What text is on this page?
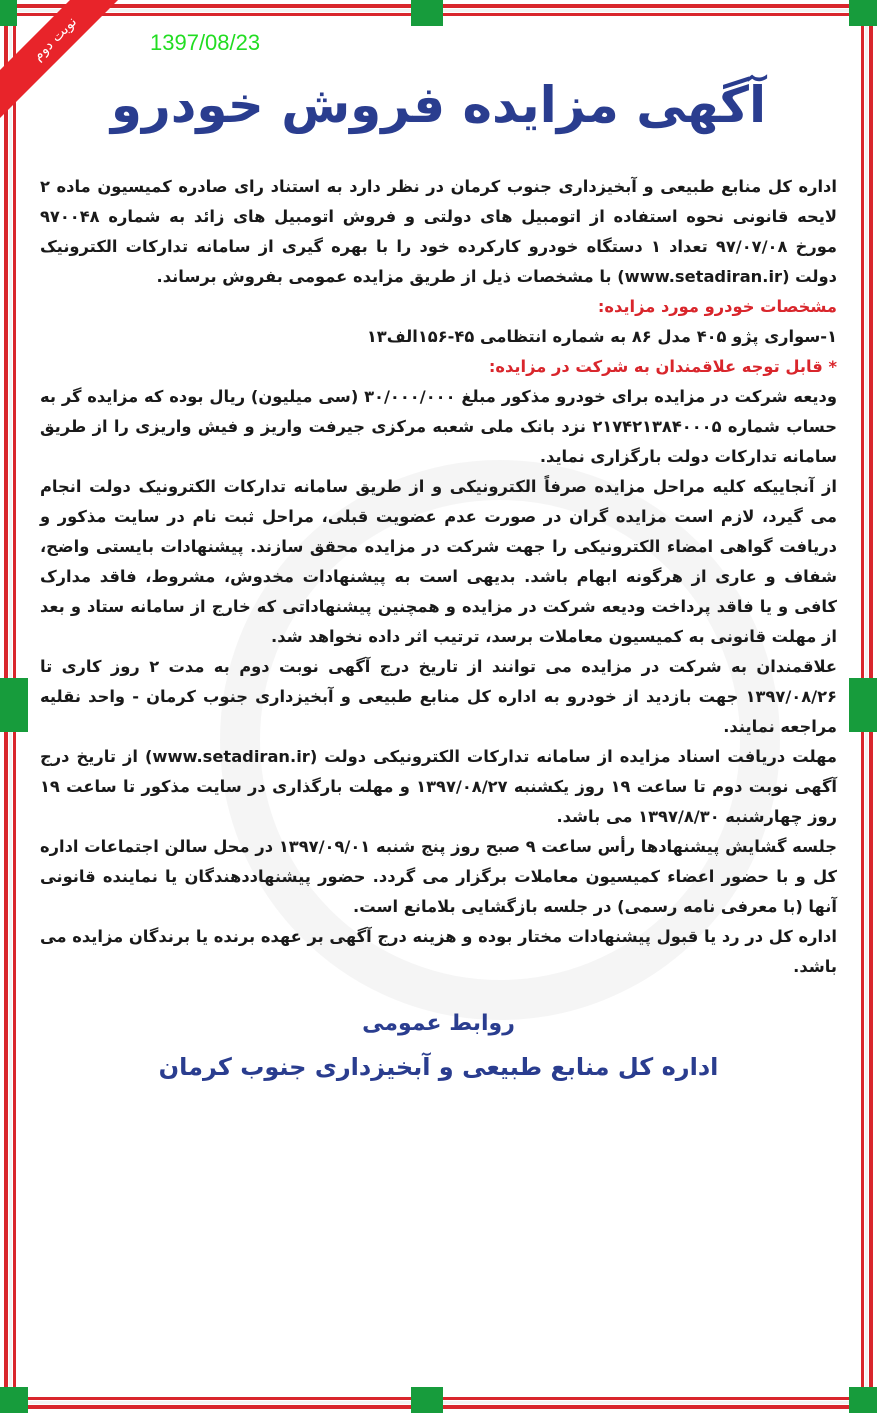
نوبت دوم	1397/08/23
آگهی مزایده فروش خودرو

اداره کل منابع طبیعی و آبخیزداری جنوب کرمان در نظر دارد به استناد رای صادره کمیسیون ماده ۲ لایحه قانونی نحوه استفاده از اتومبیل های دولتی و فروش اتومبیل های زائد به شماره ۹۷۰۰۴۸ مورخ ۹۷/۰۷/۰۸ تعداد ۱ دستگاه خودرو کارکرده خود را با بهره گیری از سامانه تدارکات الکترونیک دولت (www.setadiran.ir) با مشخصات ذیل از طریق مزایده عمومی بفروش برساند.

مشخصات خودرو مورد مزایده:

۱-سواری پژو ۴۰۵ مدل ۸۶ به شماره انتظامی ۴۵-۱۵۶الف۱۳

* قابل توجه علاقمندان به شرکت در مزایده:

ودیعه شرکت در مزایده برای خودرو مذکور مبلغ ۳۰/۰۰۰/۰۰۰ (سی میلیون) ریال بوده که مزایده گر به حساب شماره ۲۱۷۴۲۱۳۸۴۰۰۰۵ نزد بانک ملی شعبه مرکزی جیرفت واریز و فیش واریزی را از طریق سامانه تدارکات دولت بارگزاری نماید.

از آنجاییکه کلیه مراحل مزایده صرفاً الکترونیکی و از طریق سامانه تدارکات الکترونیک دولت انجام می گیرد، لازم است مزایده گران در صورت عدم عضویت قبلی، مراحل ثبت نام در سایت مذکور و دریافت گواهی امضاء الکترونیکی را جهت شرکت در مزایده محقق سازند. پیشنهادات بایستی واضح، شفاف و عاری از هرگونه ابهام باشد. بدیهی است به پیشنهادات مخدوش، مشروط، فاقد مدارک کافی و یا فاقد پرداخت ودیعه شرکت در مزایده و همچنین پیشنهاداتی که خارج از سامانه ستاد و بعد از مهلت قانونی به کمیسیون معاملات برسد، ترتیب اثر داده نخواهد شد.

علاقمندان به شرکت در مزایده می توانند از تاریخ درج آگهی نوبت دوم به مدت ۲ روز کاری تا ۱۳۹۷/۰۸/۲۶ جهت بازدید از خودرو به اداره کل منابع طبیعی و آبخیزداری جنوب کرمان - واحد نقلیه مراجعه نمایند.

مهلت دریافت اسناد مزایده از سامانه تدارکات الکترونیکی دولت (www.setadiran.ir) از تاریخ درج آگهی نوبت دوم تا ساعت ۱۹ روز یکشنبه ۱۳۹۷/۰۸/۲۷ و مهلت بارگذاری در سایت مذکور تا ساعت ۱۹ روز چهارشنبه ۱۳۹۷/۸/۳۰ می باشد.

جلسه گشایش پیشنهادها رأس ساعت ۹ صبح روز پنج شنبه ۱۳۹۷/۰۹/۰۱ در محل سالن اجتماعات اداره کل و با حضور اعضاء کمیسیون معاملات برگزار می گردد. حضور پیشنهاددهندگان یا نماینده قانونی آنها (با معرفی نامه رسمی) در جلسه بازگشایی بلامانع است.

اداره کل در رد یا قبول پیشنهادات مختار بوده و هزینه درج آگهی بر عهده برنده یا برندگان مزایده می باشد.

روابط عمومی
اداره کل منابع طبیعی و آبخیزداری جنوب کرمان
